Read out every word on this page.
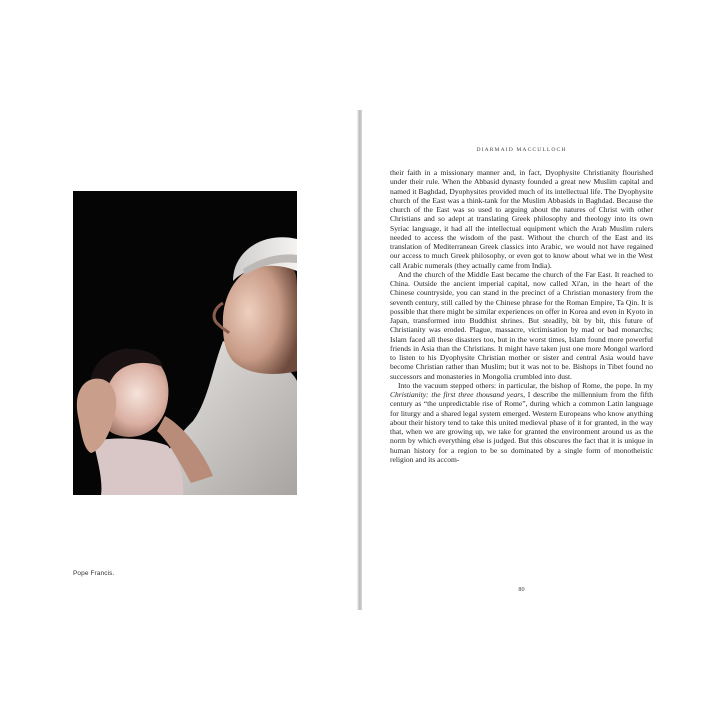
Pope Francis.
DIARMAID MACCULLOCH

their faith in a missionary manner and, in fact, Dyophysite Christianity flourished under their rule. When the Abbasid dynasty founded a great new Muslim capital and named it Baghdad, Dyophysites provided much of its intellectual life. The Dyophysite church of the East was a think-tank for the Muslim Abbasids in Baghdad. Because the church of the East was so used to arguing about the natures of Christ with other Christians and so adept at translating Greek philosophy and theology into its own Syriac language, it had all the intellectual equipment which the Arab Muslim rulers needed to access the wisdom of the past. Without the church of the East and its translation of Mediterranean Greek classics into Arabic, we would not have regained our access to much Greek philosophy, or even got to know about what we in the West call Arabic numerals (they actually came from India).

And the church of the Middle East became the church of the Far East. It reached to China. Outside the ancient imperial capital, now called Xi'an, in the heart of the Chinese countryside, you can stand in the precinct of a Christian monastery from the seventh century, still called by the Chinese phrase for the Roman Empire, Ta Qin. It is possible that there might be similar experiences on offer in Korea and even in Kyoto in Japan, transformed into Buddhist shrines. But steadily, bit by bit, this future of Christianity was eroded. Plague, massacre, victimisation by mad or bad monarchs; Islam faced all these disasters too, but in the worst times, Islam found more powerful friends in Asia than the Christians. It might have taken just one more Mongol warlord to listen to his Dyophysite Christian mother or sister and central Asia would have become Christian rather than Muslim; but it was not to be. Bishops in Tibet found no successors and monasteries in Mongolia crumbled into dust.

Into the vacuum stepped others: in particular, the bishop of Rome, the pope. In my Christianity: the first three thousand years, I describe the millennium from the fifth century as “the unpredictable rise of Rome”, during which a common Latin language for liturgy and a shared legal system emerged. Western Europeans who know anything about their history tend to take this united medieval phase of it for granted, in the way that, when we are growing up, we take for granted the environment around us as the norm by which everything else is judged. But this obscures the fact that it is unique in human history for a region to be so dominated by a single form of monotheistic religion and its accom-

80
